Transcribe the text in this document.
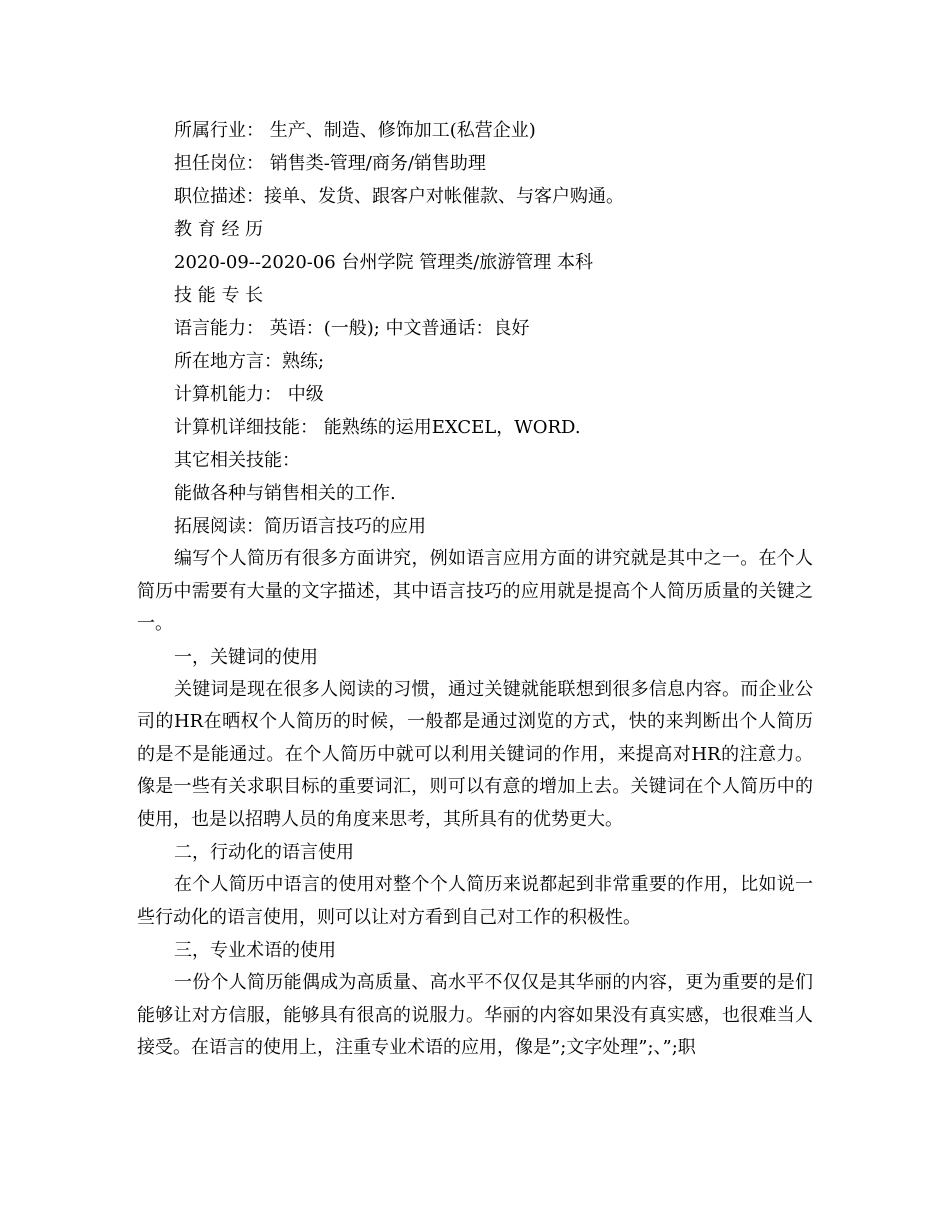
所属行业： 生产、制造、修饰加工(私营企业)

担任岗位： 销售类-管理/商务/销售助理

职位描述：接单、发货、跟客户对帐催款、与客户购通。

教 育 经 历

2020-09--2020-06 台州学院 管理类/旅游管理 本科

技 能 专 长

语言能力： 英语：(一般); 中文普通话：良好

所在地方言：熟练;

计算机能力： 中级

计算机详细技能： 能熟练的运用EXCEL，WORD.

其它相关技能：

能做各种与销售相关的工作.

拓展阅读：简历语言技巧的应用

编写个人简历有很多方面讲究，例如语言应用方面的讲究就是其中之一。在个人简历中需要有大量的文字描述，其中语言技巧的应用就是提高个人简历质量的关键之一。

一，关键词的使用

关键词是现在很多人阅读的习惯，通过关键就能联想到很多信息内容。而企业公司的HR在晒权个人简历的时候，一般都是通过浏览的方式，快的来判断出个人简历的是不是能通过。在个人简历中就可以利用关键词的作用，来提高对HR的注意力。像是一些有关求职目标的重要词汇，则可以有意的增加上去。关键词在个人简历中的使用，也是以招聘人员的角度来思考，其所具有的优势更大。

二，行动化的语言使用

在个人简历中语言的使用对整个个人简历来说都起到非常重要的作用，比如说一些行动化的语言使用，则可以让对方看到自己对工作的积极性。

三，专业术语的使用

一份个人简历能偶成为高质量、高水平不仅仅是其华丽的内容，更为重要的是们能够让对方信服，能够具有很高的说服力。华丽的内容如果没有真实感，也很难当人接受。在语言的使用上，注重专业术语的应用，像是”;文字处理”;、”;职
